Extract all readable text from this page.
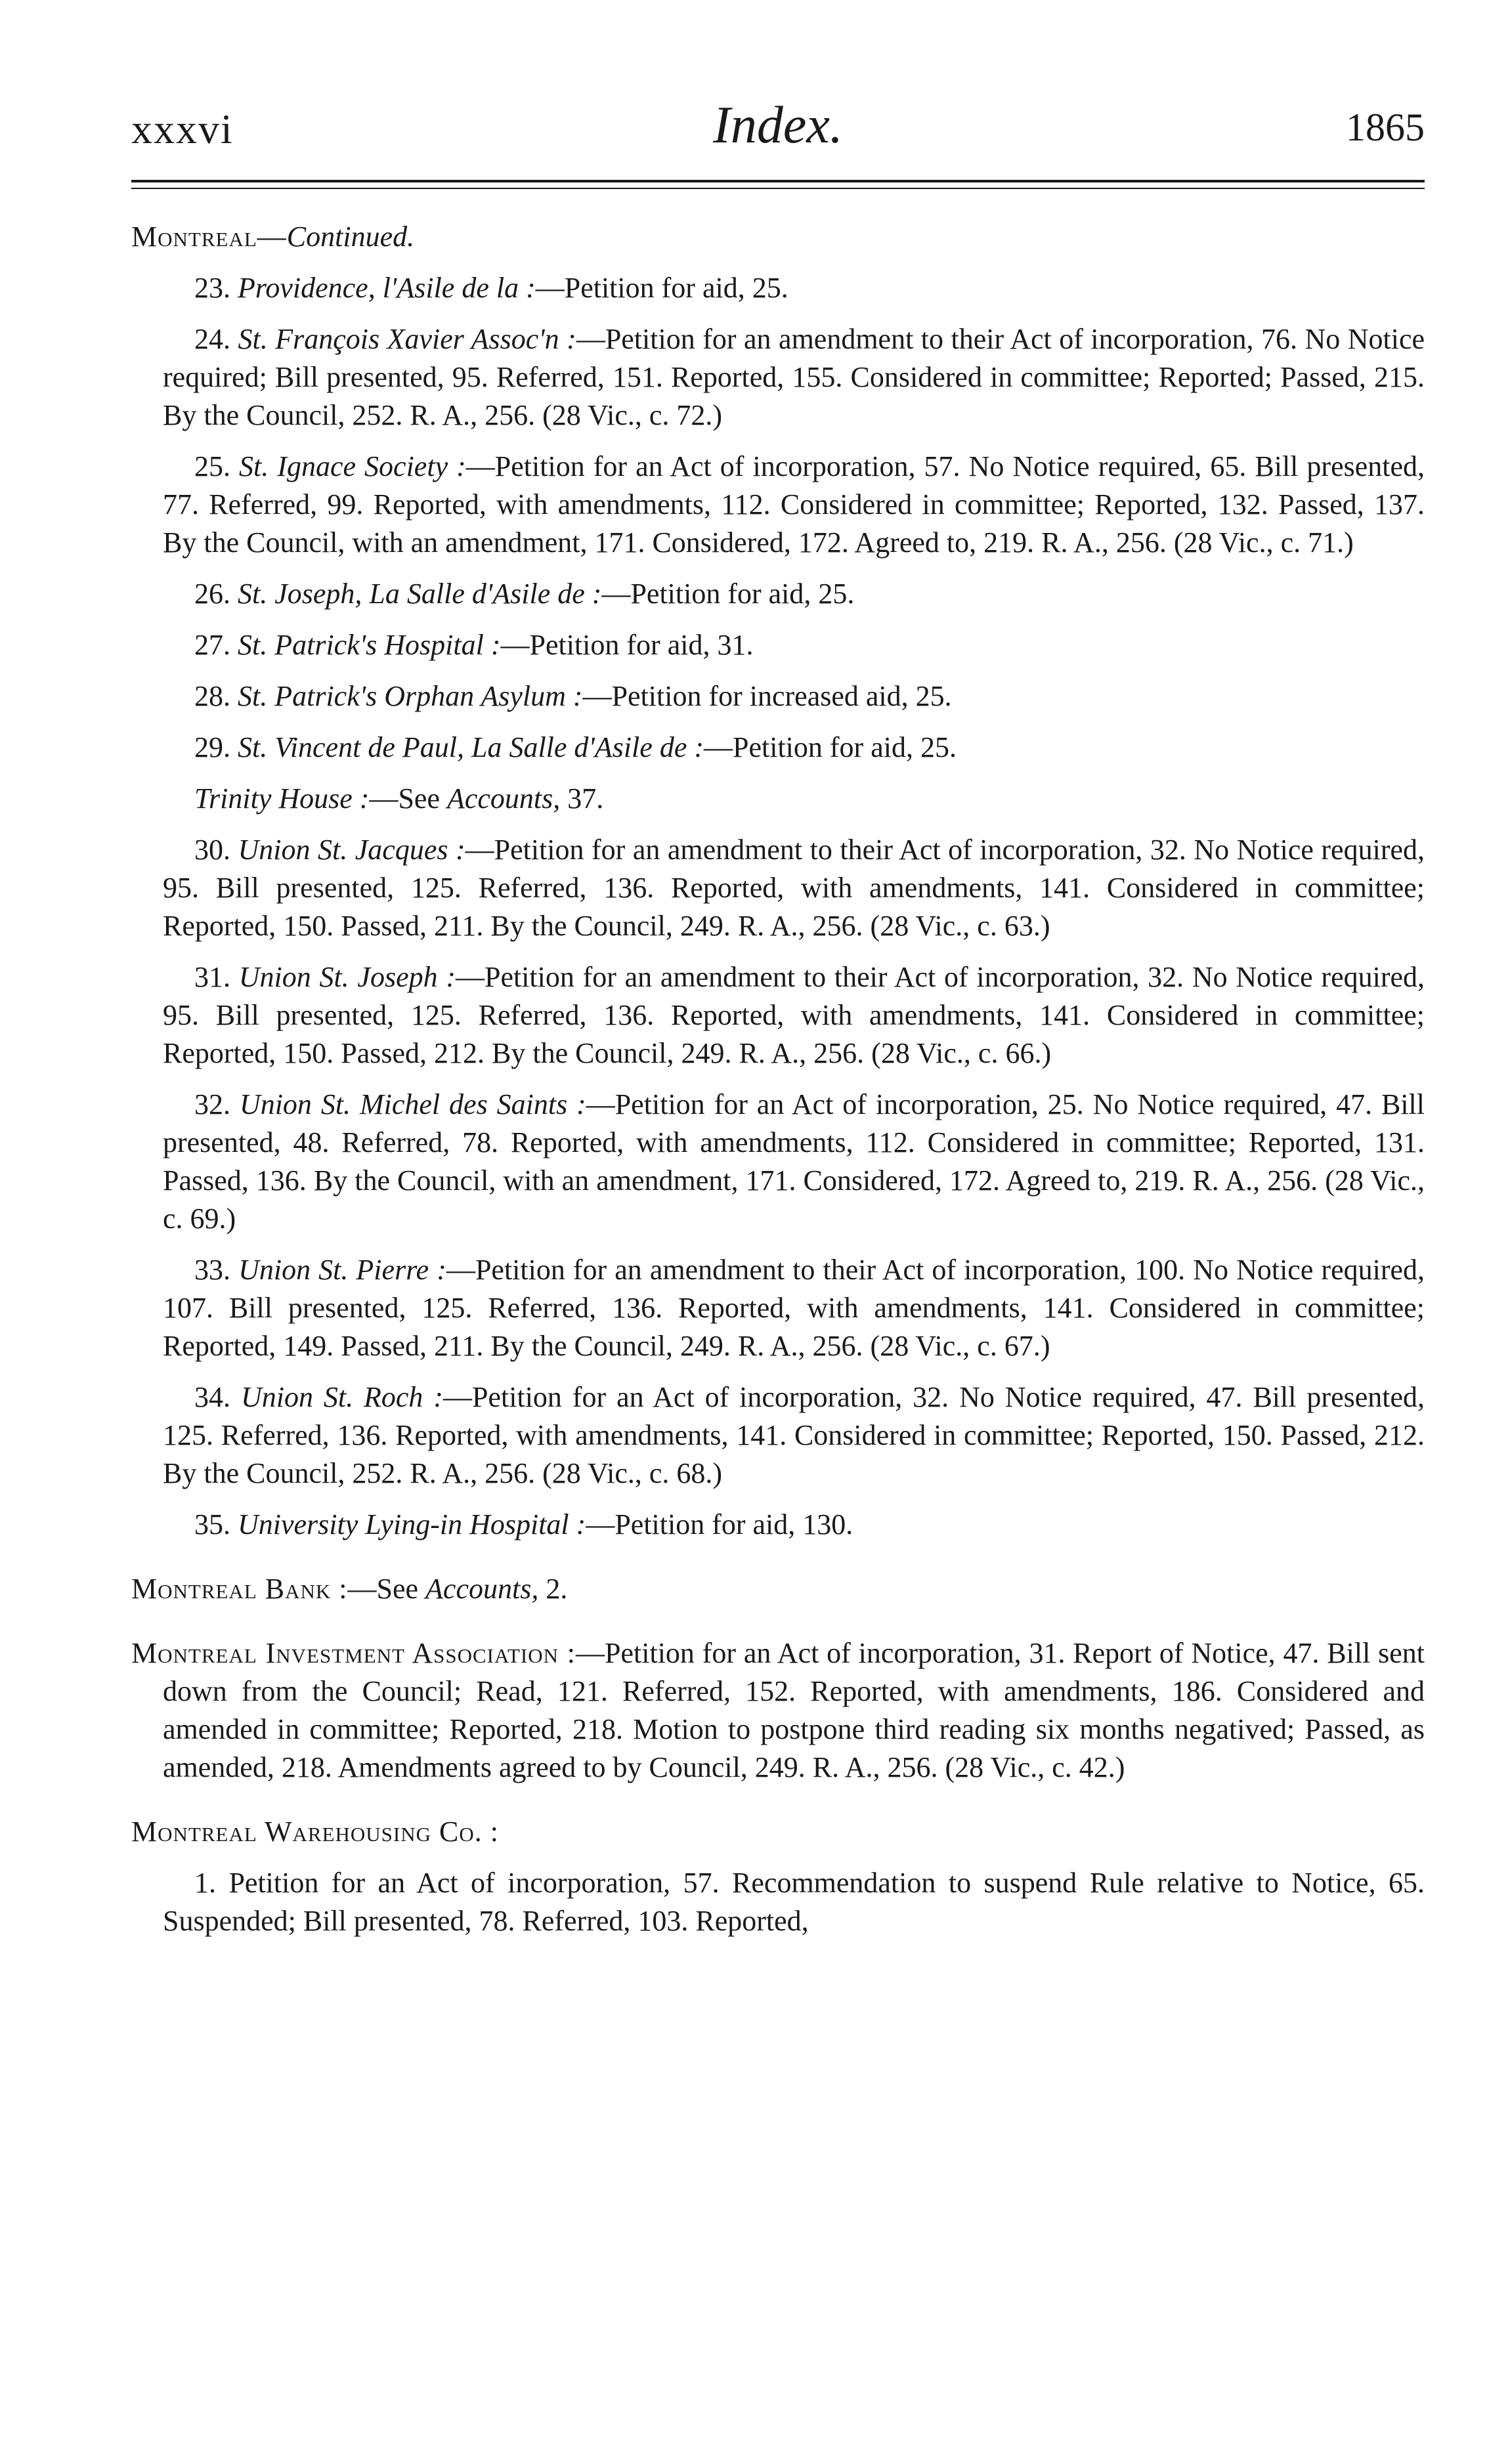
xxxvi	Index.	1865

Montreal—Continued.

23. Providence, l'Asile de la :—Petition for aid, 25.

24. St. François Xavier Assoc'n :—Petition for an amendment to their Act of incorporation, 76. No Notice required; Bill presented, 95. Referred, 151. Reported, 155. Considered in committee; Reported; Passed, 215. By the Council, 252. R. A., 256. (28 Vic., c. 72.)

25. St. Ignace Society :—Petition for an Act of incorporation, 57. No Notice required, 65. Bill presented, 77. Referred, 99. Reported, with amendments, 112. Considered in committee; Reported, 132. Passed, 137. By the Council, with an amendment, 171. Considered, 172. Agreed to, 219. R. A., 256. (28 Vic., c. 71.)

26. St. Joseph, La Salle d'Asile de :—Petition for aid, 25.

27. St. Patrick's Hospital :—Petition for aid, 31.

28. St. Patrick's Orphan Asylum :—Petition for increased aid, 25.

29. St. Vincent de Paul, La Salle d'Asile de :—Petition for aid, 25.

Trinity House :—See Accounts, 37.

30. Union St. Jacques :—Petition for an amendment to their Act of incorporation, 32. No Notice required, 95. Bill presented, 125. Referred, 136. Reported, with amendments, 141. Considered in committee; Reported, 150. Passed, 211. By the Council, 249. R. A., 256. (28 Vic., c. 63.)

31. Union St. Joseph :—Petition for an amendment to their Act of incorporation, 32. No Notice required, 95. Bill presented, 125. Referred, 136. Reported, with amendments, 141. Considered in committee; Reported, 150. Passed, 212. By the Council, 249. R. A., 256. (28 Vic., c. 66.)

32. Union St. Michel des Saints :—Petition for an Act of incorporation, 25. No Notice required, 47. Bill presented, 48. Referred, 78. Reported, with amendments, 112. Considered in committee; Reported, 131. Passed, 136. By the Council, with an amendment, 171. Considered, 172. Agreed to, 219. R. A., 256. (28 Vic., c. 69.)

33. Union St. Pierre :—Petition for an amendment to their Act of incorporation, 100. No Notice required, 107. Bill presented, 125. Referred, 136. Reported, with amendments, 141. Considered in committee; Reported, 149. Passed, 211. By the Council, 249. R. A., 256. (28 Vic., c. 67.)

34. Union St. Roch :—Petition for an Act of incorporation, 32. No Notice required, 47. Bill presented, 125. Referred, 136. Reported, with amendments, 141. Considered in committee; Reported, 150. Passed, 212. By the Council, 252. R. A., 256. (28 Vic., c. 68.)

35. University Lying-in Hospital :—Petition for aid, 130.

Montreal Bank :—See Accounts, 2.

Montreal Investment Association :—Petition for an Act of incorporation, 31. Report of Notice, 47. Bill sent down from the Council; Read, 121. Referred, 152. Reported, with amendments, 186. Considered and amended in committee; Reported, 218. Motion to postpone third reading six months negatived; Passed, as amended, 218. Amendments agreed to by Council, 249. R. A., 256. (28 Vic., c. 42.)

Montreal Warehousing Co. :

1. Petition for an Act of incorporation, 57. Recommendation to suspend Rule relative to Notice, 65. Suspended; Bill presented, 78. Referred, 103. Reported,
